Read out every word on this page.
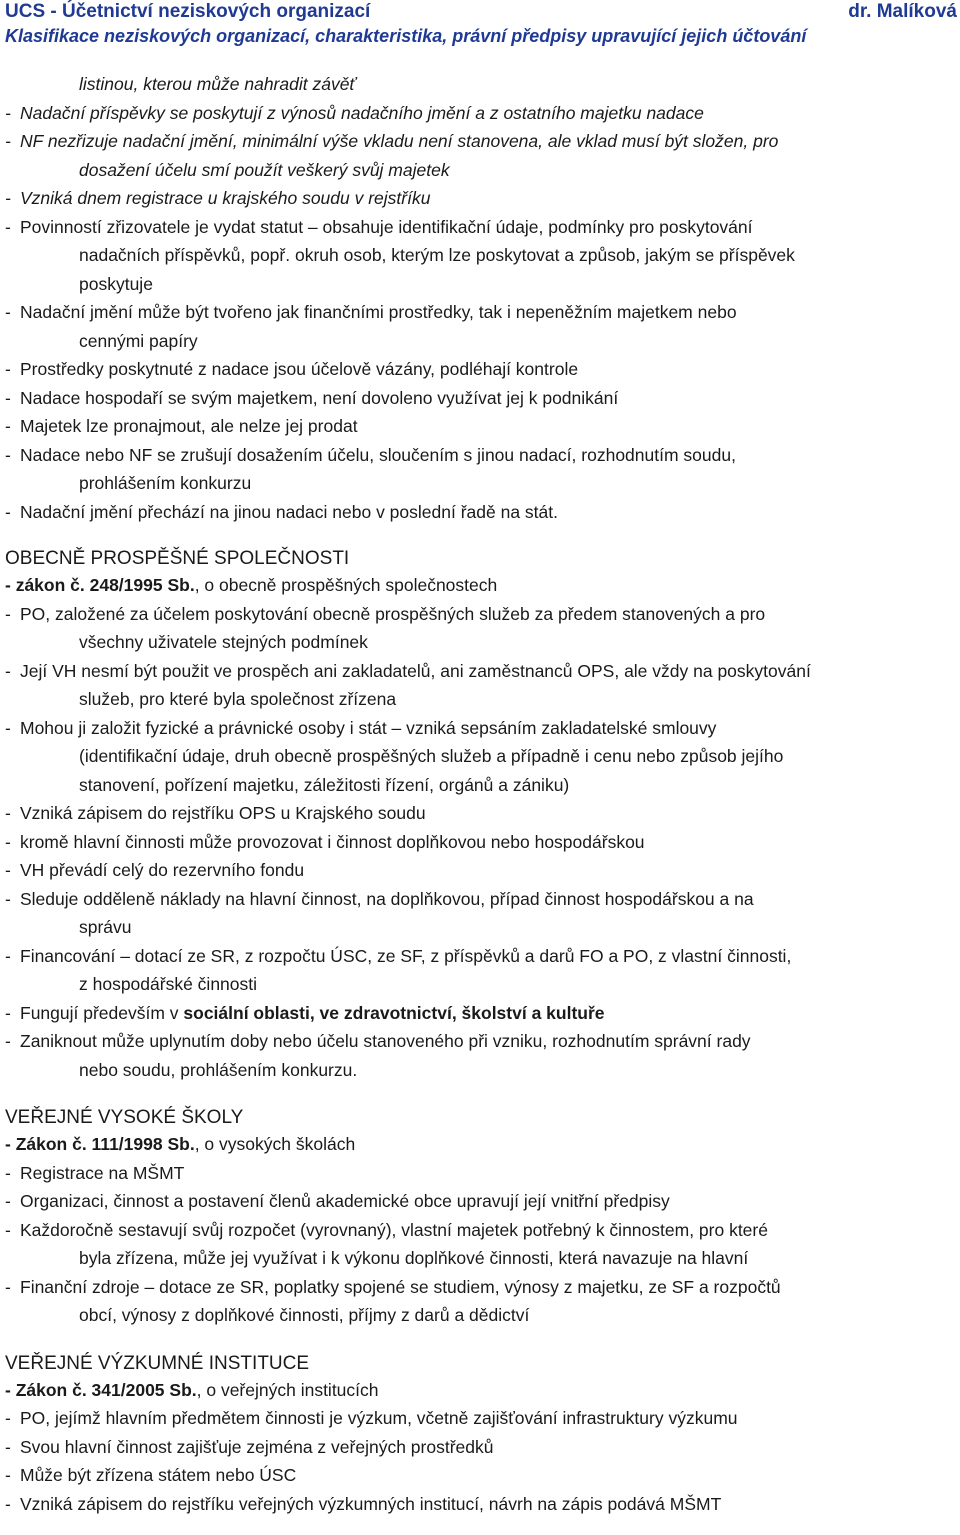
UCS - Účetnictví neziskových organizací	dr. Malíková
Klasifikace neziskových organizací, charakteristika, právní předpisy upravující jejich účtování
listinou, kterou může nahradit závěť
- Nadační příspěvky se poskytují z výnosů nadačního jmění a z ostatního majetku nadace

- NF nezřizuje nadační jmění, minimální výše vkladu není stanovena, ale vklad musí být složen, pro

dosažení účelu smí použít veškerý svůj majetek
- Vzniká dnem registrace u krajského soudu v rejstříku

- Povinností zřizovatele je vydat statut – obsahuje identifikační údaje, podmínky pro poskytování

nadačních příspěvků, popř. okruh osob, kterým lze poskytovat a způsob, jakým se příspěvek
poskytuje
- Nadační jmění může být tvořeno jak finančními prostředky, tak i nepeněžním majetkem nebo

cennými papíry
- Prostředky poskytnuté z nadace jsou účelově vázány, podléhají kontrole

- Nadace hospodaří se svým majetkem, není dovoleno využívat jej k podnikání

- Majetek lze pronajmout, ale nelze jej prodat

- Nadace nebo NF se zrušují dosažením účelu, sloučením s jinou nadací, rozhodnutím soudu,

prohlášením konkurzu
- Nadační jmění přechází na jinou nadaci nebo v poslední řadě na stát.

OBECNĚ PROSPĚŠNÉ SPOLEČNOSTI
- zákon č. 248/1995 Sb., o obecně prospěšných společnostech
- PO, založené za účelem poskytování obecně prospěšných služeb za předem stanovených a pro

všechny uživatele stejných podmínek
- Její VH nesmí být použit ve prospěch ani zakladatelů, ani zaměstnanců OPS, ale vždy na poskytování

služeb, pro které byla společnost zřízena
- Mohou ji založit fyzické a právnické osoby i stát – vzniká sepsáním zakladatelské smlouvy

(identifikační údaje, druh obecně prospěšných služeb a případně i cenu nebo způsob jejího
stanovení, pořízení majetku, záležitosti řízení, orgánů a zániku)
- Vzniká zápisem do rejstříku OPS u Krajského soudu

- kromě hlavní činnosti může provozovat i činnost doplňkovou nebo hospodářskou

- VH převádí celý do rezervního fondu

- Sleduje odděleně náklady na hlavní činnost, na doplňkovou, případ činnost hospodářskou a na

správu
- Financování – dotací ze SR, z rozpočtu ÚSC, ze SF, z příspěvků a darů FO a PO, z vlastní činnosti,

z hospodářské činnosti
- Fungují především v sociální oblasti, ve zdravotnictví, školství a kultuře

- Zaniknout může uplynutím doby nebo účelu stanoveného při vzniku, rozhodnutím správní rady

nebo soudu, prohlášením konkurzu.
VEŘEJNÉ VYSOKÉ ŠKOLY
- Zákon č. 111/1998 Sb., o vysokých školách
- Registrace na MŠMT

- Organizaci, činnost a postavení členů akademické obce upravují její vnitřní předpisy

- Každoročně sestavují svůj rozpočet (vyrovnaný), vlastní majetek potřebný k činnostem, pro které

byla zřízena, může jej využívat i k výkonu doplňkové činnosti, která navazuje na hlavní
- Finanční zdroje – dotace ze SR, poplatky spojené se studiem, výnosy z majetku, ze SF a rozpočtů

obcí, výnosy z doplňkové činnosti, příjmy z darů a dědictví
VEŘEJNÉ VÝZKUMNÉ INSTITUCE
- Zákon č. 341/2005 Sb., o veřejných institucích
- PO, jejímž hlavním předmětem činnosti je výzkum, včetně zajišťování infrastruktury výzkumu

- Svou hlavní činnost zajišťuje zejména z veřejných prostředků

- Může být zřízena státem nebo ÚSC

- Vzniká zápisem do rejstříku veřejných výzkumných institucí, návrh na zápis podává MŠMT
